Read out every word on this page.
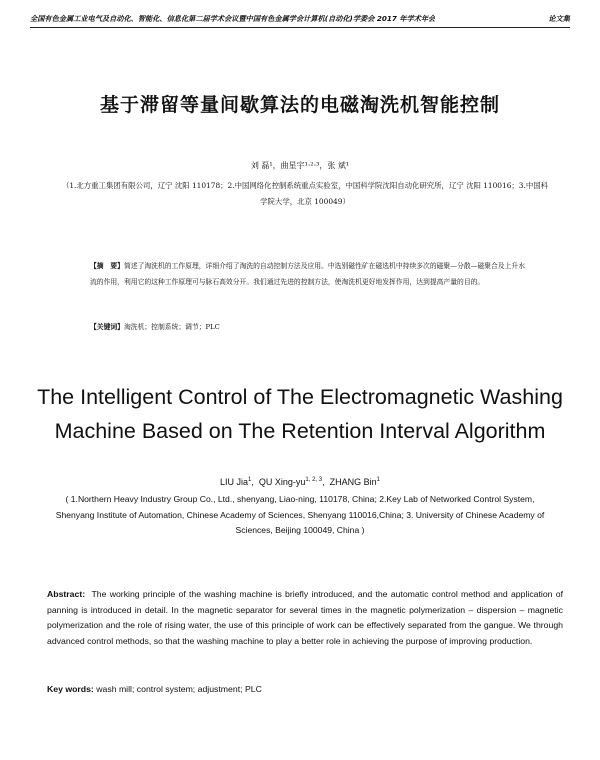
全国有色金属工业电气及自动化、智能化、信息化第二届学术会议暨中国有色金属学会计算机(自动化)学委会 2017 年学术年会	论文集
基于滞留等量间歇算法的电磁淘洗机智能控制
刘 磊¹，曲星宇¹·²·³，张 斌¹
（1.北方重工集团有限公司，辽宁 沈阳 110178；2.中国网络化控制系统重点实验室，中国科学院沈阳自动化研究所，辽宁 沈阳 110016；3.中国科学院大学，北京 100049）
【摘　要】简述了淘洗机的工作原理，详细介绍了淘洗的自动控制方法及应用。中选别磁性矿在磁选机中持续多次的磁聚—分散—磁聚合及上升水流的作用，利用它的这种工作原理可与脉石高效分开。我们通过先进的控制方法，使淘洗机更好地发挥作用，达到提高产量的目的。
【关键词】淘洗机；控制系统；调节；PLC
The Intelligent Control of The Electromagnetic Washing
Machine Based on The Retention Interval Algorithm
LIU Jia$^1$,  QU Xing-yu$^{1, 2, 3}$,  ZHANG Bin$^1$
( 1.Northern Heavy Industry Group Co., Ltd., shenyang, Liao-ning, 110178, China; 2.Key Lab of Networked Control System, Shenyang Institute of Automation, Chinese Academy of Sciences, Shenyang 110016,China; 3. University of Chinese Academy of Sciences, Beijing 100049, China )
Abstract: The working principle of the washing machine is briefly introduced, and the automatic control method and application of panning is introduced in detail. In the magnetic separator for several times in the magnetic polymerization – dispersion – magnetic polymerization and the role of rising water, the use of this principle of work can be effectively separated from the gangue. We through advanced control methods, so that the washing machine to play a better role in achieving the purpose of improving production.
Key words: wash mill; control system; adjustment; PLC
